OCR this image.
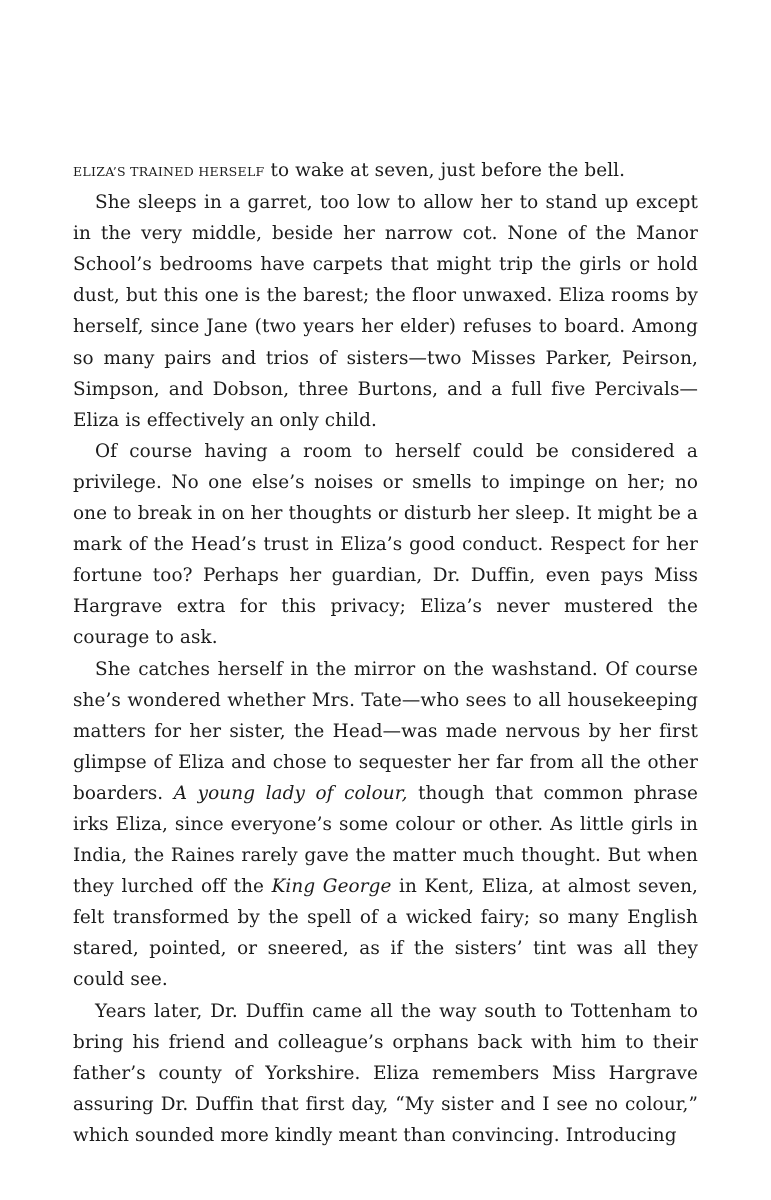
ELIZA’S TRAINED HERSELF to wake at seven, just before the bell.

She sleeps in a garret, too low to allow her to stand up except in the very middle, beside her narrow cot. None of the Manor School’s bedrooms have carpets that might trip the girls or hold dust, but this one is the barest; the floor unwaxed. Eliza rooms by herself, since Jane (two years her elder) refuses to board. Among so many pairs and trios of sisters—two Misses Parker, Peirson, Simpson, and Dobson, three Burtons, and a full five Percivals—Eliza is effectively an only child.

Of course having a room to herself could be considered a privilege. No one else’s noises or smells to impinge on her; no one to break in on her thoughts or disturb her sleep. It might be a mark of the Head’s trust in Eliza’s good conduct. Respect for her fortune too? Perhaps her guardian, Dr. Duffin, even pays Miss Hargrave extra for this privacy; Eliza’s never mustered the courage to ask.

She catches herself in the mirror on the washstand. Of course she’s wondered whether Mrs. Tate—who sees to all housekeeping matters for her sister, the Head—was made nervous by her first glimpse of Eliza and chose to sequester her far from all the other boarders. A young lady of colour, though that common phrase irks Eliza, since everyone’s some colour or other. As little girls in India, the Raines rarely gave the matter much thought. But when they lurched off the King George in Kent, Eliza, at almost seven, felt transformed by the spell of a wicked fairy; so many English stared, pointed, or sneered, as if the sisters’ tint was all they could see.

Years later, Dr. Duffin came all the way south to Tottenham to bring his friend and colleague’s orphans back with him to their father’s county of Yorkshire. Eliza remembers Miss Hargrave assuring Dr. Duffin that first day, “My sister and I see no colour,” which sounded more kindly meant than convincing. Introducing
